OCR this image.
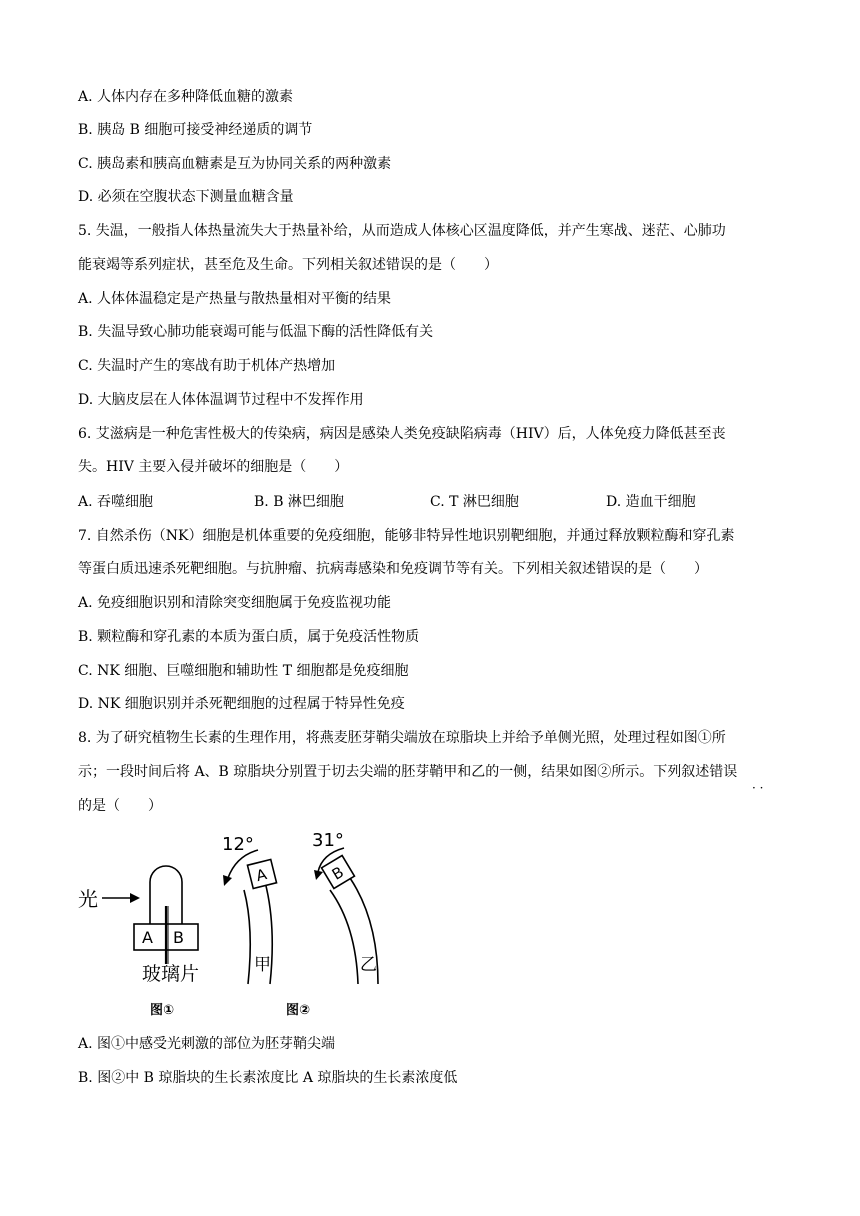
A. 人体内存在多种降低血糖的激素
B. 胰岛 B 细胞可接受神经递质的调节
C. 胰岛素和胰高血糖素是互为协同关系的两种激素
D. 必须在空腹状态下测量血糖含量
5. 失温，一般指人体热量流失大于热量补给，从而造成人体核心区温度降低，并产生寒战、迷茫、心肺功
能衰竭等系列症状，甚至危及生命。下列相关叙述错误的是（　　）
A. 人体体温稳定是产热量与散热量相对平衡的结果
B. 失温导致心肺功能衰竭可能与低温下酶的活性降低有关
C. 失温时产生的寒战有助于机体产热增加
D. 大脑皮层在人体体温调节过程中不发挥作用
6. 艾滋病是一种危害性极大的传染病，病因是感染人类免疫缺陷病毒（HIV）后，人体免疫力降低甚至丧
失。HIV 主要入侵并破坏的细胞是（　　）
A. 吞噬细胞	B. B 淋巴细胞	C. T 淋巴细胞	D. 造血干细胞
7. 自然杀伤（NK）细胞是机体重要的免疫细胞，能够非特异性地识别靶细胞，并通过释放颗粒酶和穿孔素
等蛋白质迅速杀死靶细胞。与抗肿瘤、抗病毒感染和免疫调节等有关。下列相关叙述错误的是（　　）
A. 免疫细胞识别和清除突变细胞属于免疫监视功能
B. 颗粒酶和穿孔素的本质为蛋白质，属于免疫活性物质
C. NK 细胞、巨噬细胞和辅助性 T 细胞都是免疫细胞
D. NK 细胞识别并杀死靶细胞的过程属于特异性免疫
8. 为了研究植物生长素的生理作用，将燕麦胚芽鞘尖端放在琼脂块上并给予单侧光照，处理过程如图①所
示；一段时间后将 A、B 琼脂块分别置于切去尖端的胚芽鞘甲和乙的一侧，结果如图②所示。下列叙述错误
· ·
的是（　　）
光
A B
玻璃片
图①
12°
A
甲
图②
31°
B
乙
A. 图①中感受光刺激的部位为胚芽鞘尖端
B. 图②中 B 琼脂块的生长素浓度比 A 琼脂块的生长素浓度低
